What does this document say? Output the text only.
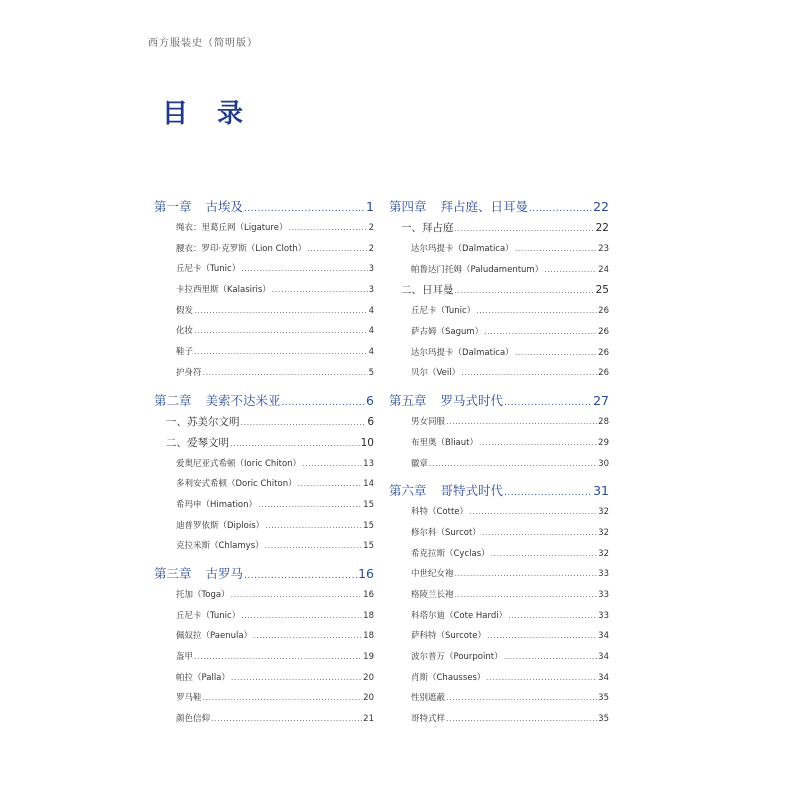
西方服装史（简明版）
目 录
第一章 古埃及 .....	1
绳衣：里葛丘网（Ligature） .....	2
腰衣：罗印·克罗斯（Lion Cloth） .....	2
丘尼卡（Tunic） .....	3
卡拉西里斯（Kalasiris） .....	3
假发 .....	4
化妆 .....	4
鞋子 .....	4
护身符 .....	5
第二章 美索不达米亚 .....	6
一、苏美尔文明 .....	6
二、爱琴文明 .....	10
爱奥尼亚式希顿（Ioric Chiton） .....	13
多利安式希顿（Doric Chiton） .....	14
希玛申（Himation） .....	15
迪普罗依斯（Diplois） .....	15
克拉米斯（Chlamys） .....	15
第三章 古罗马 .....	16
托加（Toga） .....	16
丘尼卡（Tunic） .....	18
佩奴拉（Paenula） .....	18
盔甲 .....	19
帕拉（Palla） .....	20
罗马鞋 .....	20
颜色信仰 .....	21
第四章 拜占庭、日耳曼 .....	22
一、拜占庭 .....	22
达尔玛提卡（Dalmatica） .....	23
帕鲁达门托姆（Paludamentum） .....	24
二、日耳曼 .....	25
丘尼卡（Tunic） .....	26
萨古姆（Sagum） .....	26
达尔玛提卡（Dalmatica） .....	26
贝尔（Veil） .....	26
第五章 罗马式时代 .....	27
男女同服 .....	28
布里奥（Bliaut） .....	29
徽章 .....	30
第六章 哥特式时代 .....	31
科特（Cotte） .....	32
修尔科（Surcot） .....	32
希克拉斯（Cyclas） .....	32
中世纪女袍 .....	33
格陵兰长袍 .....	33
科塔尔迪（Cote Hardi） .....	33
萨科特（Surcote） .....	34
波尔普万（Pourpoint） .....	34
肖斯（Chausses） .....	34
性别遮蔽 .....	35
哥特式样 .....	35
